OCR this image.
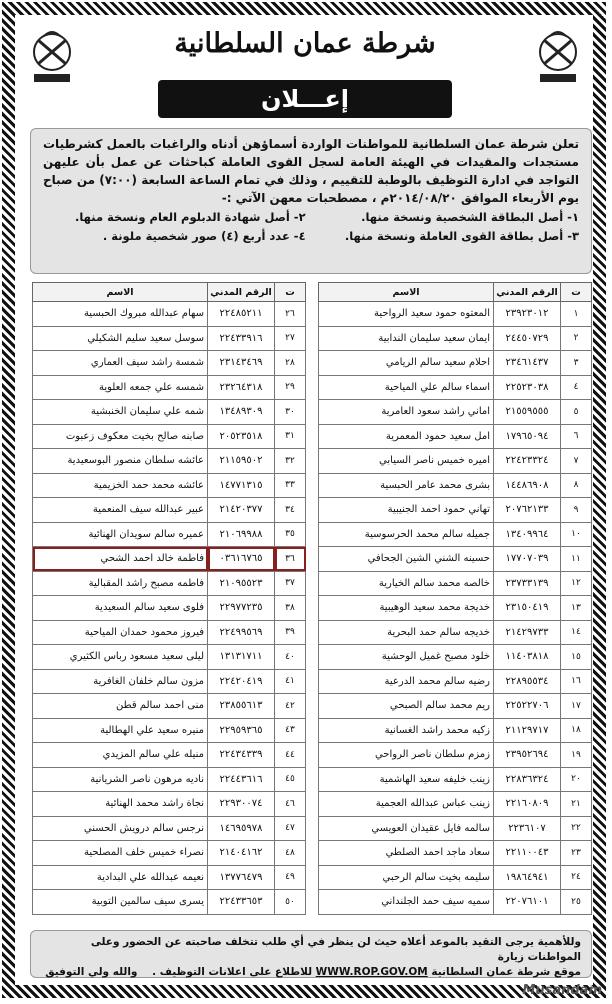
شرطة عمان السلطانية
إعـــلان
تعلن شرطة عمان السلطانية للمواطنات الواردة أسماؤهن أدناه والراغبات بالعمل كشرطيات مستجدات والمقيدات في الهيئة العامة لسجل القوى العاملة كباحثات عن عمل بأن عليهن التواجد في ادارة التوظيف بالوطبة للتقييم ، وذلك في تمام الساعة السابعة (٧:٠٠) من صباح يوم الأربعاء الموافق ٢٠١٤/٠٨/٢٠م ، مصطحبات معهن الآتي :-
١- أصل البطاقة الشخصية ونسخة منها.
٢- أصل شهادة الدبلوم العام ونسخة منها.
٣- أصل بطاقة القوى العاملة ونسخة منها.
٤- عدد أربع (٤) صور شخصية ملونة .
ت	الرقم المدني	الاسم
١	٢٣٩٢٣٠١٢	المعتوه حمود سعيد الرواحية
٢	٢٤٤٥٠٧٢٩	ايمان سعيد سليمان الندابية
٣	٢٣٤٦١٤٣٧	احلام سعيد سالم الريامي
٤	٢٢٥٢٣٠٣٨	اسماء سالم علي المياحية
٥	٢١٥٥٩٥٥٥	اماني راشد سعود العامرية
٦	١٧٩٦٥٠٩٤	امل سعيد حمود المعمرية
٧	٢٢٤٢٣٣٢٤	اميره خميس ناصر السيابي
٨	١٤٤٨٦٩٠٨	بشرى محمد عامر الحبسية
٩	٢٠٧٦٢١٣٣	تهاني حمود احمد الجنيبية
١٠	١٣٤٠٩٩٦٤	جميله سالم محمد الحرسوسية
١١	١٧٧٠٧٠٣٩	حسينه الشني الشين الجحافي
١٢	٢٣٧٣٣١٣٩	خالصه محمد سالم الخيارية
١٣	٢٣١٥٠٤١٩	خديجة محمد سعيد الوهيبية
١٤	٢١٤٢٩٧٣٣	خديجه سالم حمد البحرية
١٥	١١٤٠٣٨١٨	خلود مصبح غميل الوحشية
١٦	٢٢٨٩٥٥٣٤	رضيه سالم محمد الدرعية
١٧	٢٢٥٢٢٧٠٦	ريم محمد سالم الصبحي
١٨	٢١١٢٩٧١٧	زكيه محمد راشد الغسانية
١٩	٢٣٩٥٢٦٩٤	زمزم سلطان ناصر الرواحي
٢٠	٢٢٨٣٦٣٢٤	زينب خليفه سعيد الهاشمية
٢١	٢٢١٦٠٨٠٩	زينب عباس عبدالله العجمية
٢٢	٢٢٣٦١٠٧	سالمه فايل عقيدان العويسي
٢٣	٢٢١١٠٠٤٣	سعاد ماجد احمد الصلطي
٢٤	١٩٨٦٤٩٤١	سليمه بخيت سالم الرحبي
٢٥	٢٢٠٧٦١٠١	سميه سيف حمد الجلنداني
ت	الرقم المدني	الاسم
٢٦	٢٢٤٨٥٢١١	سهام عبدالله مبروك الحبسية
٢٧	٢٢٤٣٣٩١٦	سوسل سعيد سليم الشكيلي
٢٨	٢٣١٤٣٤٦٩	شمسة راشد سيف العماري
٢٩	٢٣٢٦٤٣١٨	شمسه علي جمعه العلوية
٣٠	١٣٤٨٩٣٠٩	شمه علي سليمان الخنبشية
٣١	٢٠٥٢٣٥١٨	صابنه صالح بخيت معكوف زعبوت
٣٢	٢١١٥٩٥٠٢	عائشه سلطان منصور البوسعيدية
٣٣	١٤٧٧١٣١٥	عائشه محمد حمد الخزيمية
٣٤	٢١٤٢٠٣٧٧	عبير عبدالله سيف المنعمية
٣٥	٢١٠٦٩٩٨٨	عميره سالم سويدان الهنائية
٣٦	٠٣٦١٦٧٦٥	فاطمة خالد احمد الشحي
٣٧	٢١٠٩٥٥٢٣	فاطمه مصبح راشد المقبالية
٣٨	٢٢٩٧٧٢٣٥	فلوى سعيد سالم السعيدية
٣٩	٢٢٤٩٩٥٦٩	فيروز محمود حمدان المياحية
٤٠	١٣١٣١٧١١	ليلى سعيد مسعود رباس الكثيري
٤١	٢٢٤٢٠٤١٩	مزون سالم خلفان الغافرية
٤٢	٢٣٨٥٥٦١٣	منى احمد سالم قطن
٤٣	٢٢٩٥٩٣٦٥	منيره سعيد علي الهطالية
٤٤	٢٢٤٣٤٣٣٩	منيله علي سالم المزيدي
٤٥	٢٢٤٤٣٦١٦	ناديه مرهون ناصر الشريانية
٤٦	٢٢٩٣٠٠٧٤	نجاة راشد محمد الهنائية
٤٧	١٤٦٩٥٩٧٨	نرجس سالم درويش الحسني
٤٨	٢١٤٠٤١٦٢	نصراء خميس خلف المصلحية
٤٩	١٣٧٧٦٤٧٩	نعيمه عبدالله علي البدادية
٥٠	٢٢٤٣٣٦٥٣	يسرى سيف سالمين التوبية
وللأهمية يرجى التقيد بالموعد أعلاه حيث لن ينظر في أي طلب تتخلف صاحبته عن الحضور وعلى المواطنات زيارة
موقع شرطة عمان السلطانية WWW.ROP.GOV.OM للاطلاع على اعلانات التوظيف .    والله ولي التوفيق
Musandam
